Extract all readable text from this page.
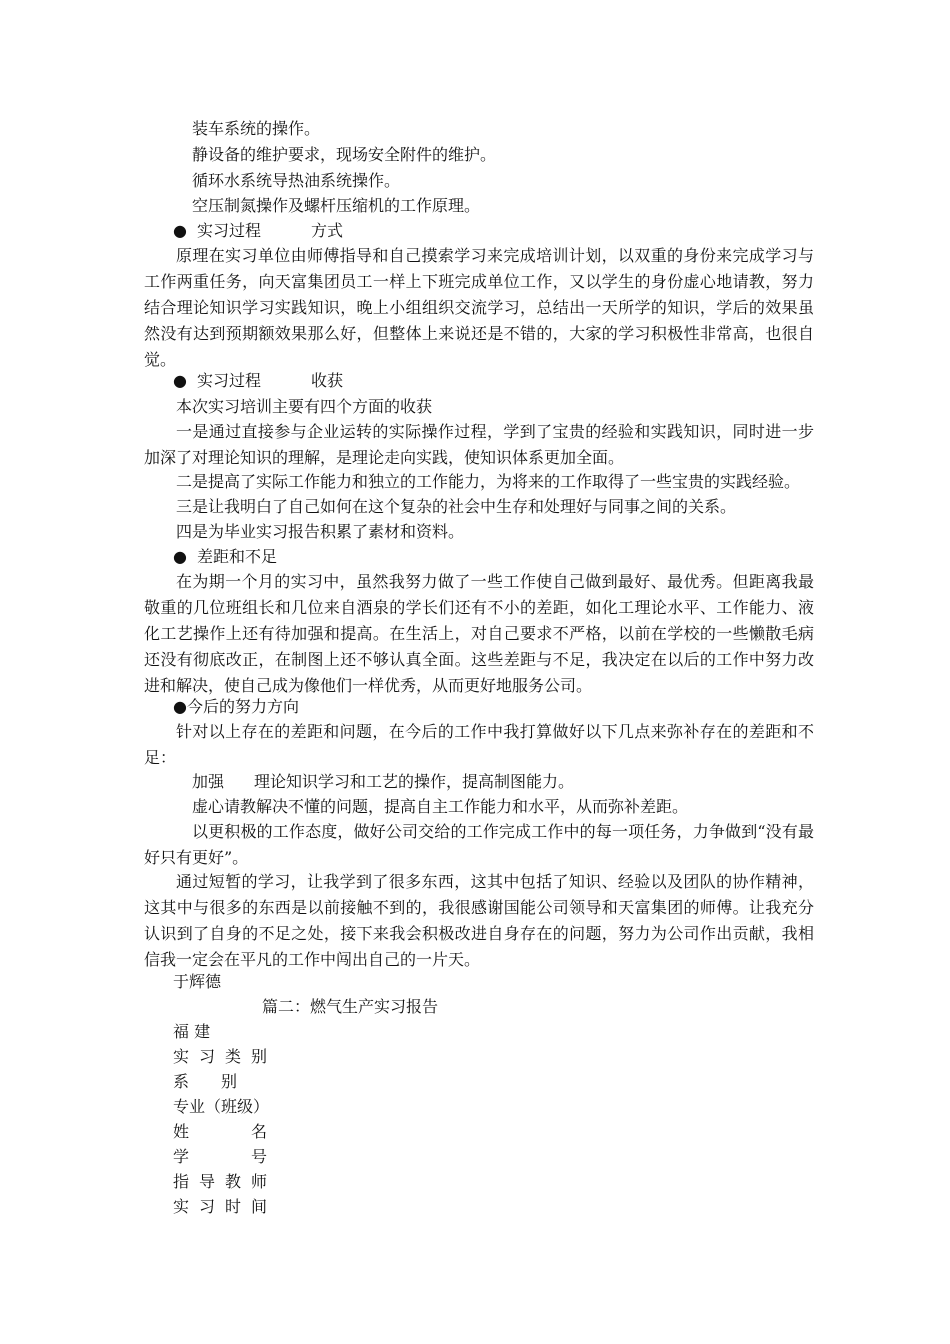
装车系统的操作。
静设备的维护要求，现场安全附件的维护。
循环水系统导热油系统操作。
空压制氮操作及螺杆压缩机的工作原理。
● 实习过程	方式
原理在实习单位由师傅指导和自己摸索学习来完成培训计划，以双重的身份来完成学习与工作两重任务，向天富集团员工一样上下班完成单位工作，又以学生的身份虚心地请教，努力结合理论知识学习实践知识，晚上小组组织交流学习，总结出一天所学的知识，学后的效果虽然没有达到预期额效果那么好，但整体上来说还是不错的，大家的学习积极性非常高，也很自觉。
● 实习过程	收获
本次实习培训主要有四个方面的收获
一是通过直接参与企业运转的实际操作过程，学到了宝贵的经验和实践知识，同时进一步加深了对理论知识的理解，是理论走向实践，使知识体系更加全面。
二是提高了实际工作能力和独立的工作能力，为将来的工作取得了一些宝贵的实践经验。
三是让我明白了自己如何在这个复杂的社会中生存和处理好与同事之间的关系。
四是为毕业实习报告积累了素材和资料。
● 差距和不足
在为期一个月的实习中，虽然我努力做了一些工作使自己做到最好、最优秀。但距离我最敬重的几位班组长和几位来自酒泉的学长们还有不小的差距，如化工理论水平、工作能力、液化工艺操作上还有待加强和提高。在生活上，对自己要求不严格，以前在学校的一些懒散毛病还没有彻底改正，在制图上还不够认真全面。这些差距与不足，我决定在以后的工作中努力改进和解决，使自己成为像他们一样优秀，从而更好地服务公司。
●今后的努力方向
针对以上存在的差距和问题，在今后的工作中我打算做好以下几点来弥补存在的差距和不足：
加强 理论知识学习和工艺的操作，提高制图能力。
虚心请教解决不懂的问题，提高自主工作能力和水平，从而弥补差距。
以更积极的工作态度，做好公司交给的工作完成工作中的每一项任务，力争做到“没有最好只有更好”。
通过短暂的学习，让我学到了很多东西，这其中包括了知识、经验以及团队的协作精神，这其中与很多的东西是以前接触不到的，我很感谢国能公司领导和天富集团的师傅。让我充分认识到了自身的不足之处，接下来我会积极改进自身存在的问题，努力为公司作出贡献，我相信我一定会在平凡的工作中闯出自己的一片天。
于辉德
篇二：燃气生产实习报告
福 建
实习类别
系别
专业（班级）
姓名
学号
指导教师
实习时间
